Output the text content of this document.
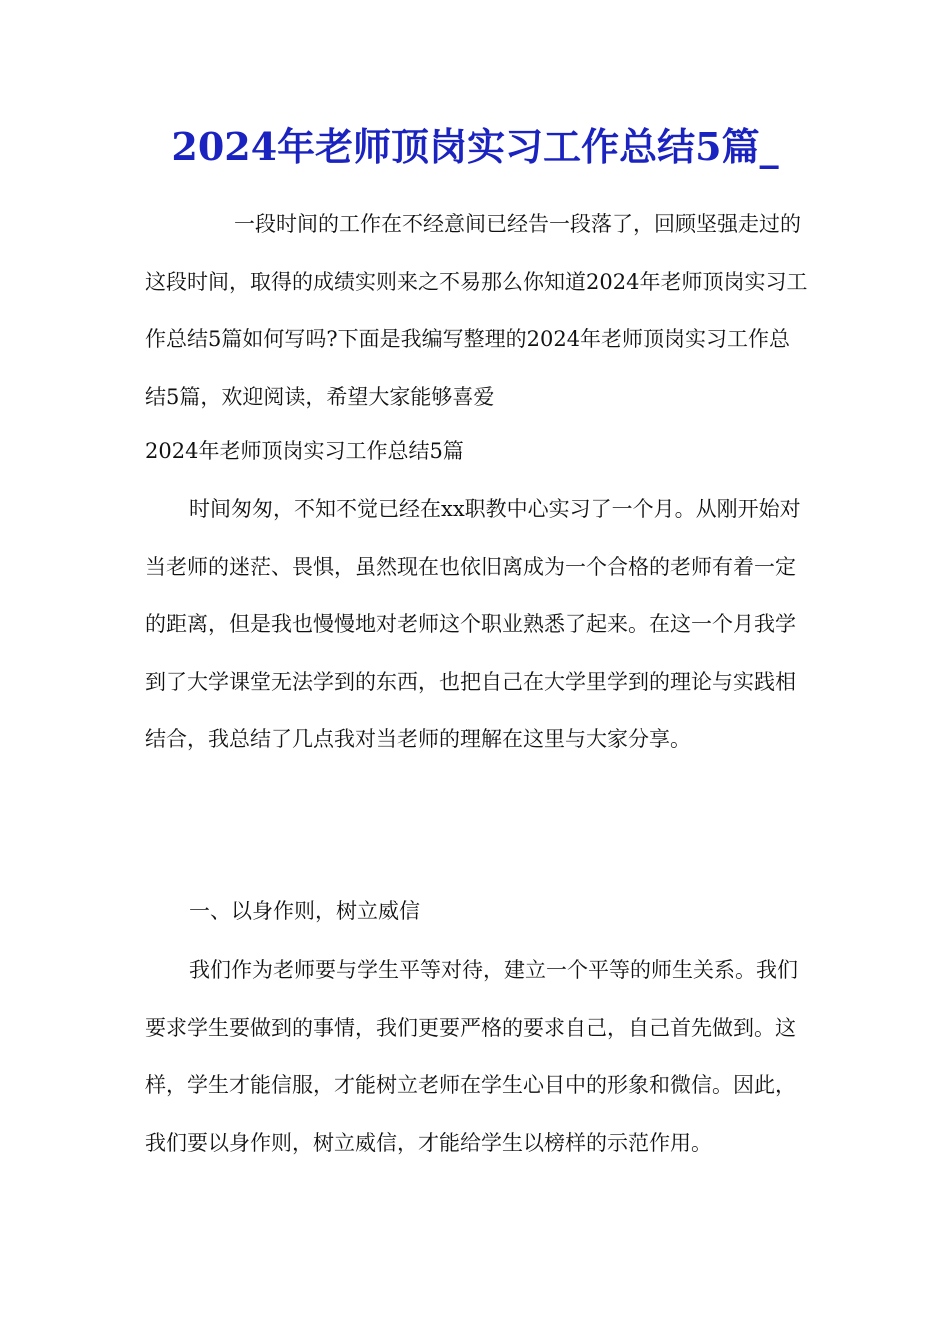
2024年老师顶岗实习工作总结5篇_

一段时间的工作在不经意间已经告一段落了，回顾坚强走过的这段时间，取得的成绩实则来之不易那么你知道2024年老师顶岗实习工作总结5篇如何写吗?下面是我编写整理的2024年老师顶岗实习工作总结5篇，欢迎阅读，希望大家能够喜爱

2024年老师顶岗实习工作总结5篇

时间匆匆，不知不觉已经在xx职教中心实习了一个月。从刚开始对当老师的迷茫、畏惧，虽然现在也依旧离成为一个合格的老师有着一定的距离，但是我也慢慢地对老师这个职业熟悉了起来。在这一个月我学到了大学课堂无法学到的东西，也把自己在大学里学到的理论与实践相结合，我总结了几点我对当老师的理解在这里与大家分享。

一、以身作则，树立威信

我们作为老师要与学生平等对待，建立一个平等的师生关系。我们要求学生要做到的事情，我们更要严格的要求自己，自己首先做到。这样，学生才能信服，才能树立老师在学生心目中的形象和微信。因此，我们要以身作则，树立威信，才能给学生以榜样的示范作用。
